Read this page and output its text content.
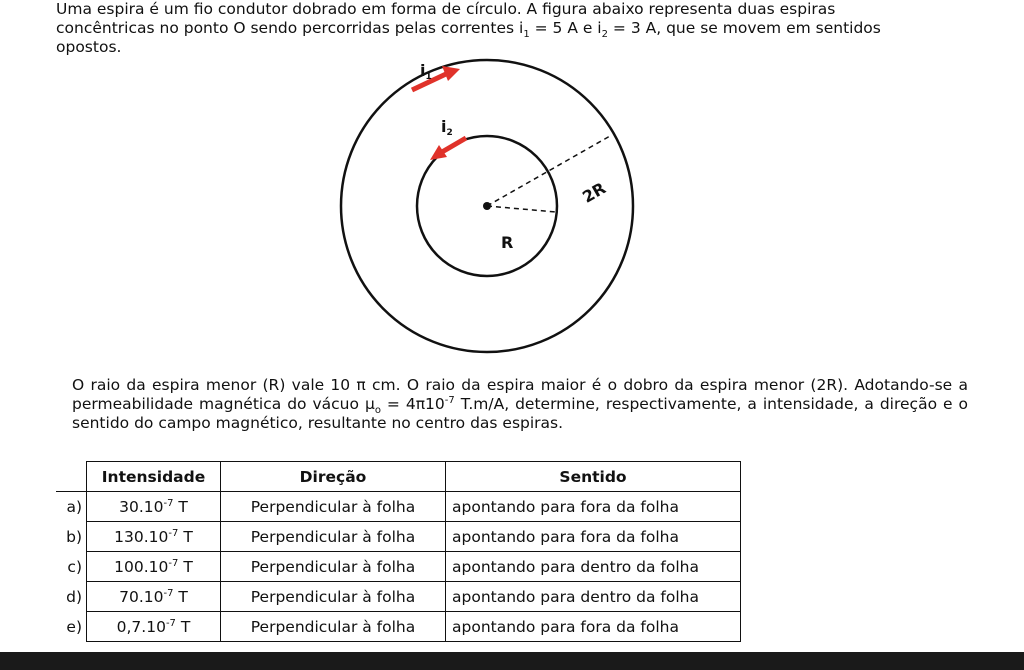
Uma espira é um fio condutor dobrado em forma de círculo. A figura abaixo representa duas espiras
concêntricas no ponto O sendo percorridas pelas correntes $i_1 = 5$ A e $i_2 = 3$ A, que se movem em sentidos
opostos.
i1
i2
2R
R
O raio da espira menor (R) vale 10 π cm. O raio da espira maior é o dobro da espira menor (2R). Adotando-se a permeabilidade magnética do vácuo $\mu_o = 4\pi 10^{-7}$ T.m/A, determine, respectivamente, a intensidade, a direção e o sentido do campo magnético, resultante no centro das espiras.
	Intensidade	Direção	Sentido
a)	$30.10^{-7}$ T	Perpendicular à folha	apontando para fora da folha
b)	$130.10^{-7}$ T	Perpendicular à folha	apontando para fora da folha
c)	$100.10^{-7}$ T	Perpendicular à folha	apontando para dentro da folha
d)	$70.10^{-7}$ T	Perpendicular à folha	apontando para dentro da folha
e)	$0,7.10^{-7}$ T	Perpendicular à folha	apontando para fora da folha
